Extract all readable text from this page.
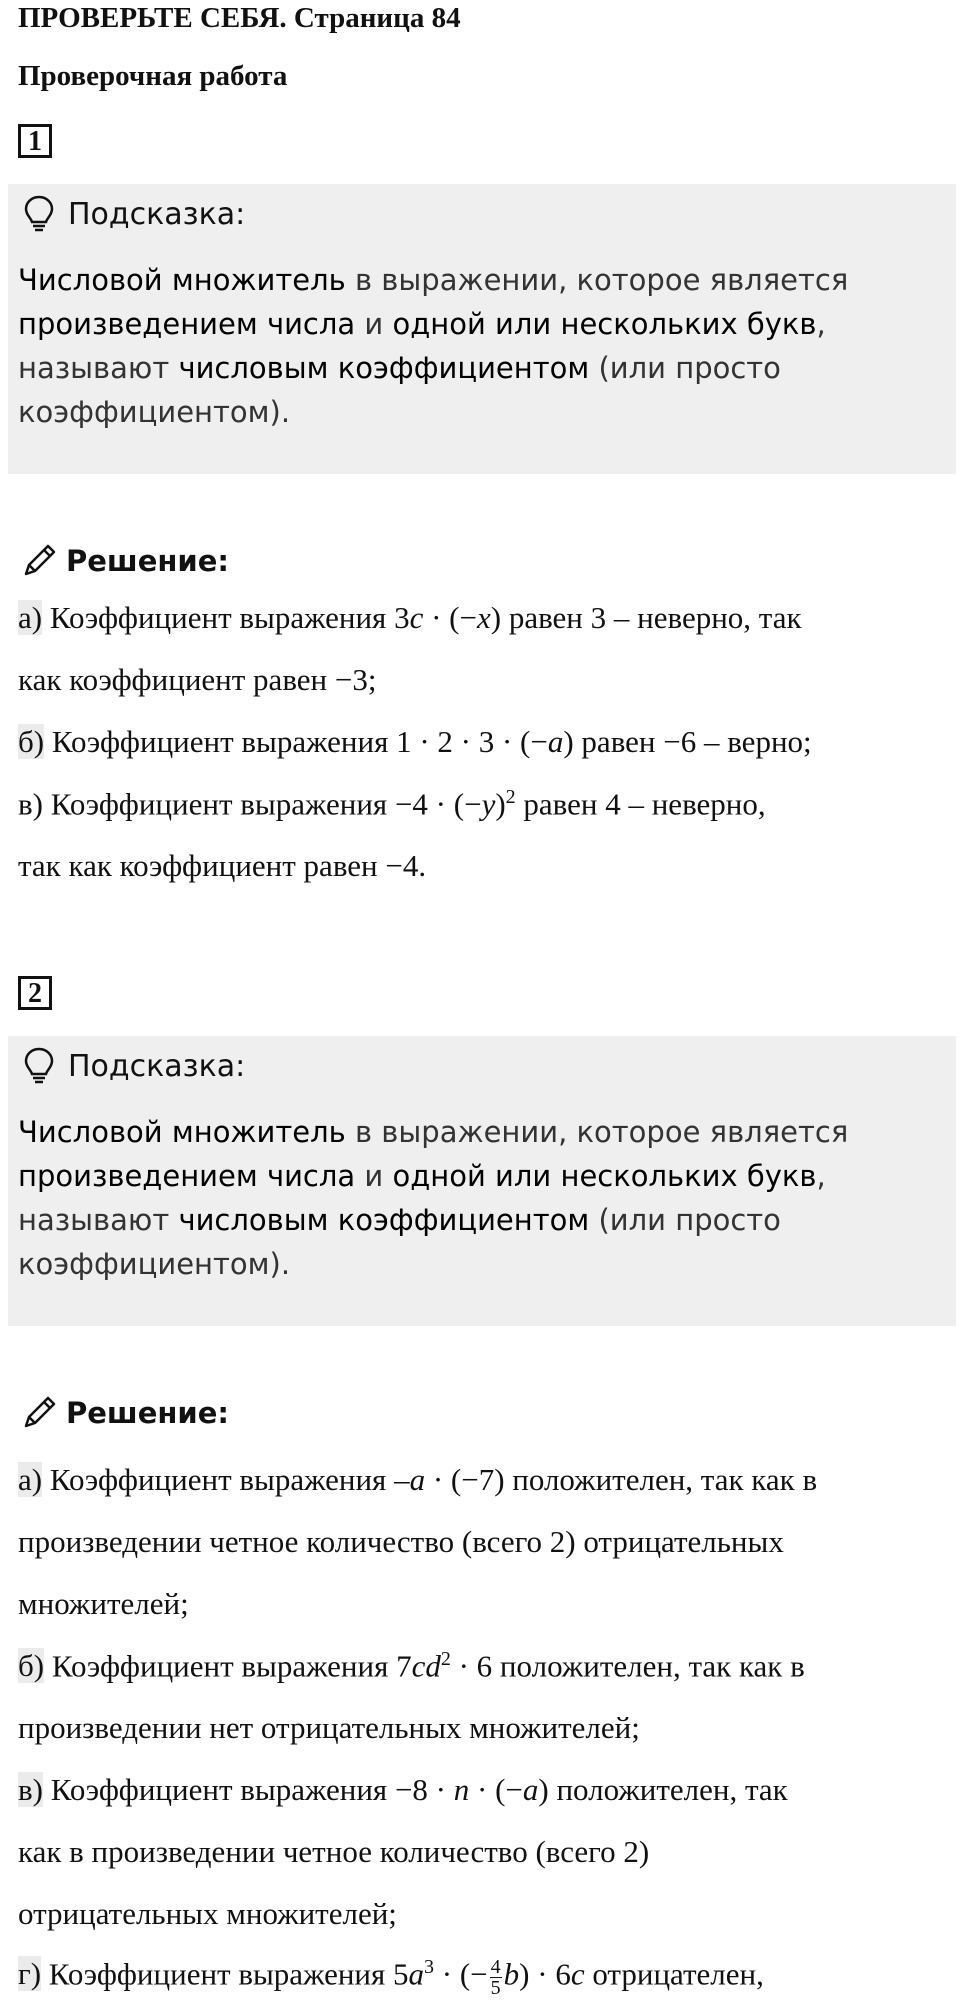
ПРОВЕРЬТЕ СЕБЯ. Страница 84
Проверочная работа
1
Подсказка:
Числовой множитель в выражении, которое является
произведением числа и одной или нескольких букв,
называют числовым коэффициентом (или просто
коэффициентом).
Решение:
а) Коэффициент выражения 3c · (−x) равен 3 – неверно, так
как коэффициент равен −3;
б) Коэффициент выражения 1 · 2 · 3 · (−a) равен −6 – верно;
в) Коэффициент выражения $-4 \cdot (-y)^2$ равен 4 – неверно,
так как коэффициент равен −4.
2
Подсказка:
Числовой множитель в выражении, которое является
произведением числа и одной или нескольких букв,
называют числовым коэффициентом (или просто
коэффициентом).
Решение:
а) Коэффициент выражения –a · (−7) положителен, так как в
произведении четное количество (всего 2) отрицательных
множителей;
б) Коэффициент выражения $7cd^2 \cdot 6$ положителен, так как в
произведении нет отрицательных множителей;
в) Коэффициент выражения −8 · n · (−a) положителен, так
как в произведении четное количество (всего 2)
отрицательных множителей;
г) Коэффициент выражения $5a^3$ · (− $\frac{4}{5} b) \cdot 6c$ отрицателен,
